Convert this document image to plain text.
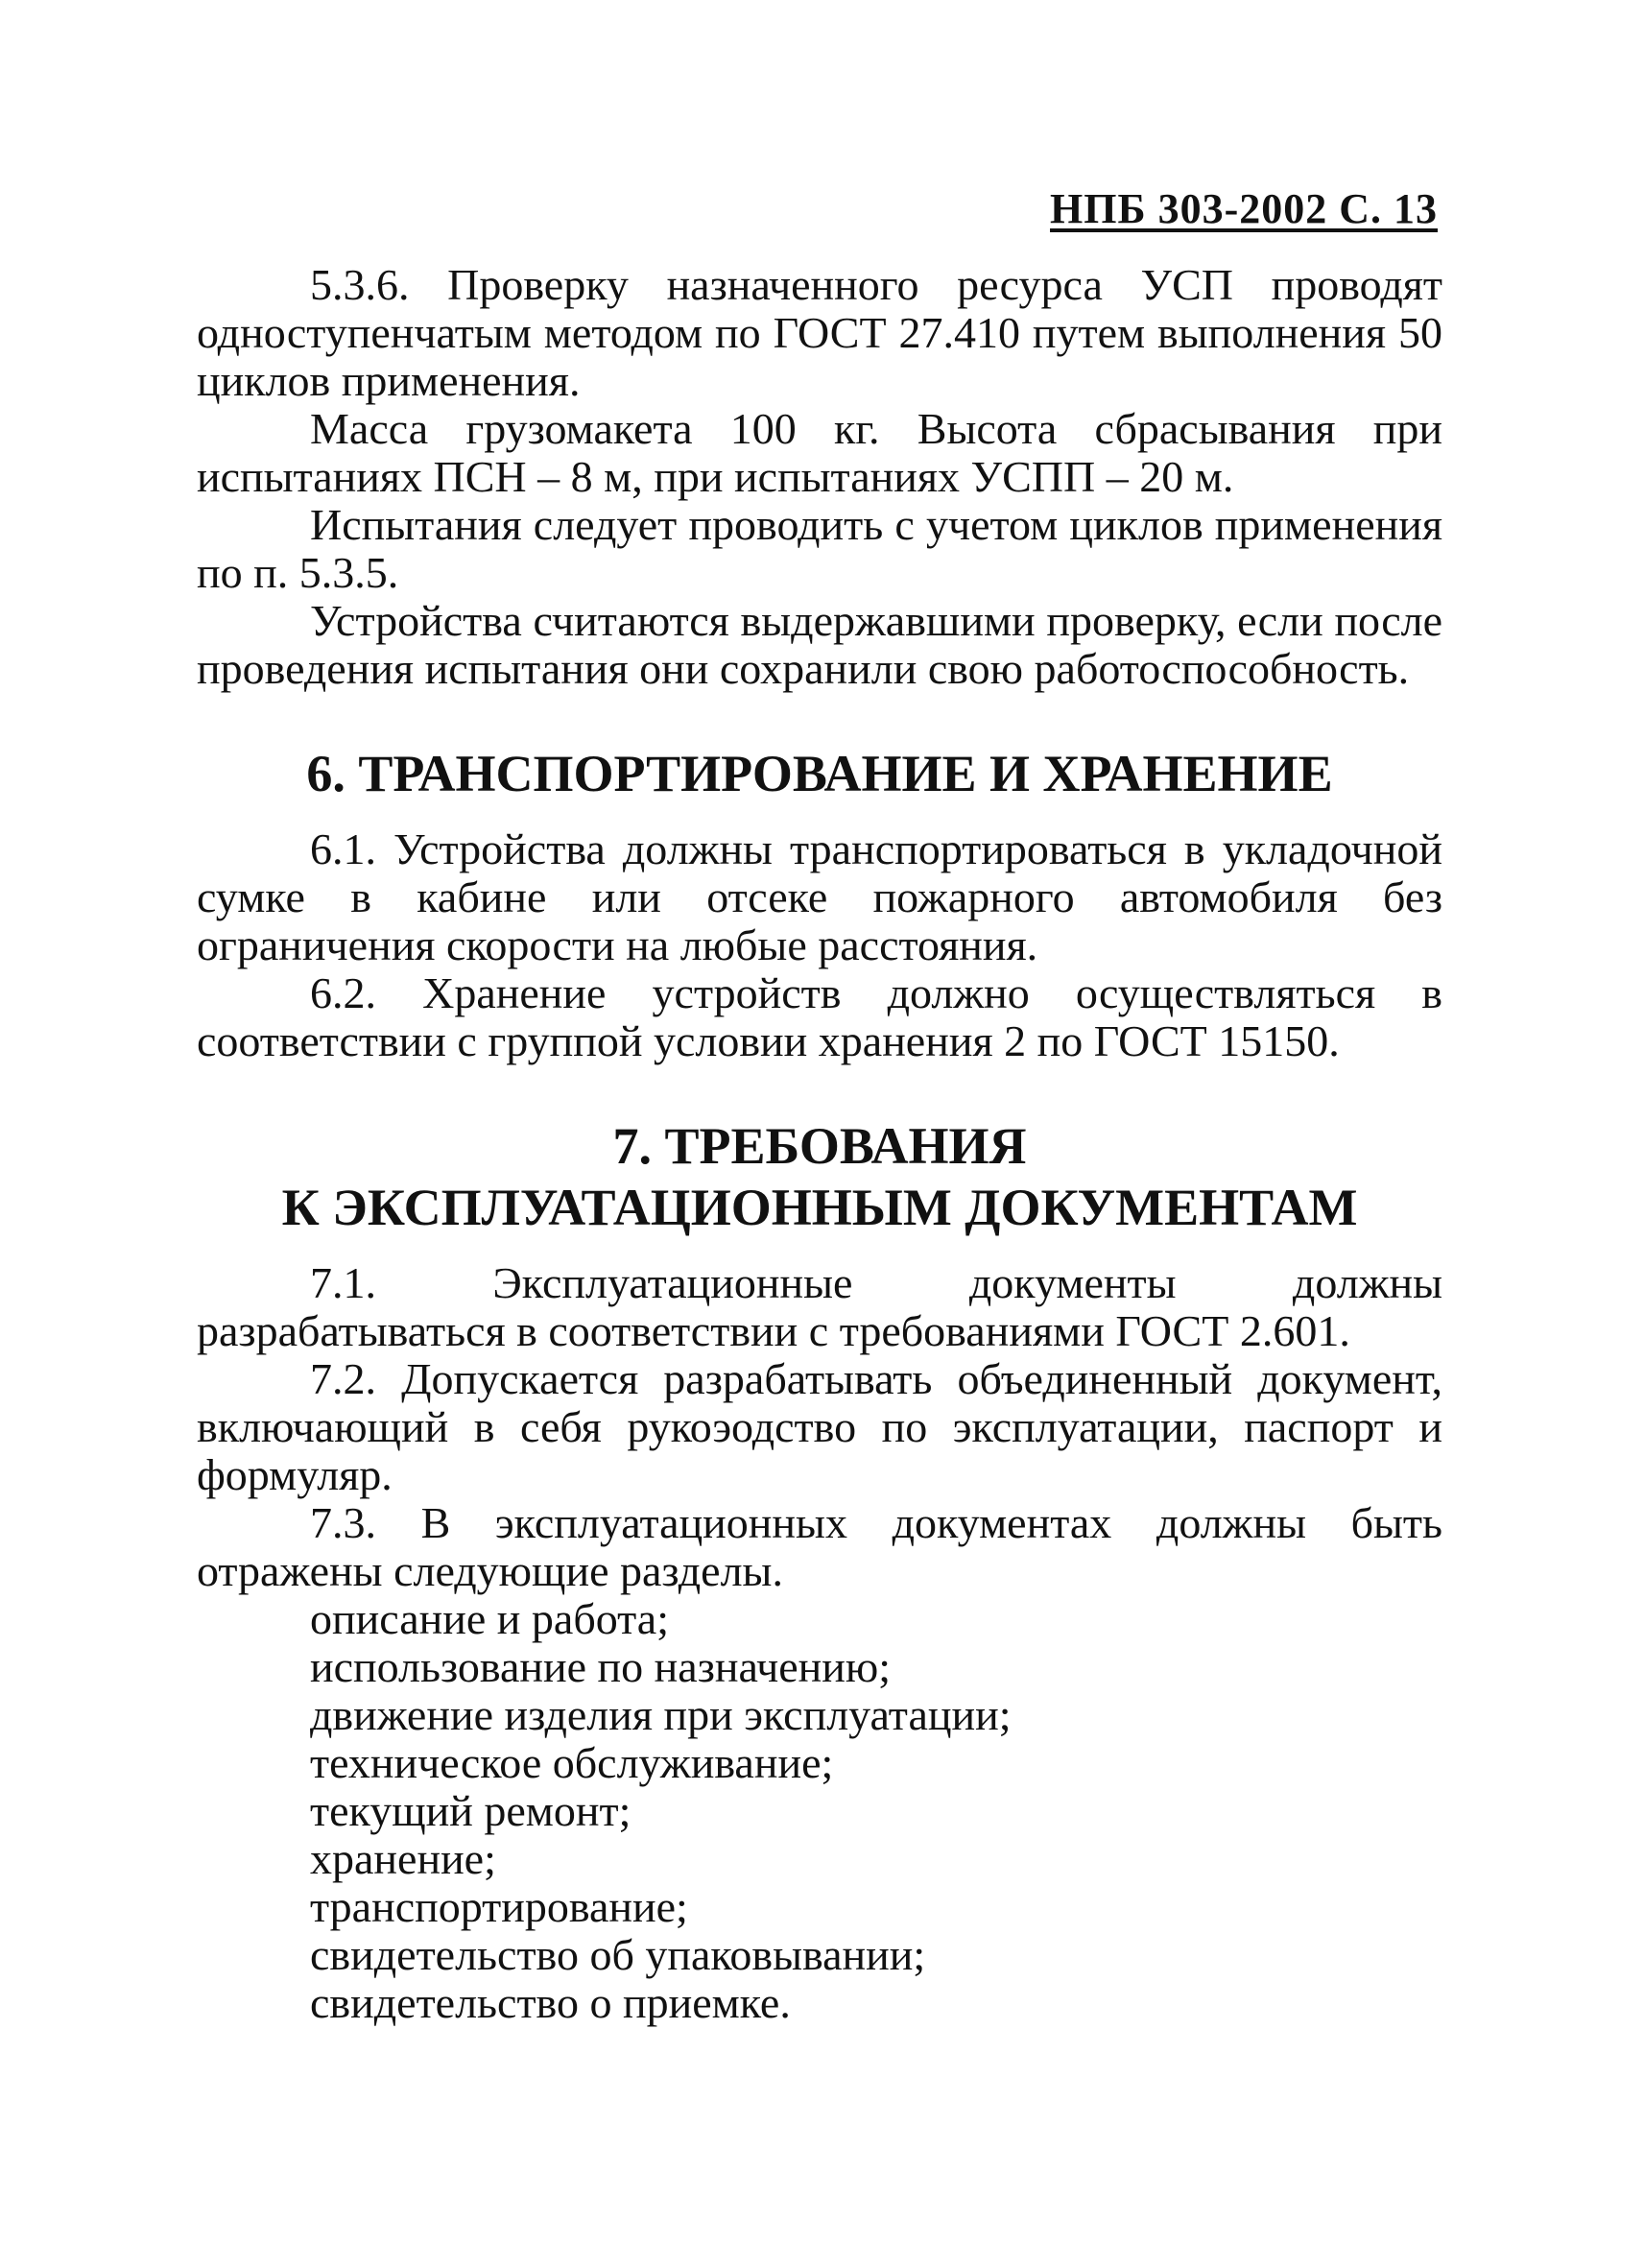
НПБ 303-2002 С. 13

5.3.6. Проверку назначенного ресурса УСП проводят одноступенчатым методом по ГОСТ 27.410 путем выполнения 50 циклов применения.

Масса грузомакета 100 кг. Высота сбрасывания при испытаниях ПСН – 8 м, при испытаниях УСПП – 20 м.

Испытания следует проводить с учетом циклов применения по п. 5.3.5.

Устройства считаются выдержавшими проверку, если после проведения испытания они сохранили свою работоспособность.

6. ТРАНСПОРТИРОВАНИЕ И ХРАНЕНИЕ

6.1. Устройства должны транспортироваться в укладочной сумке в кабине или отсеке пожарного автомобиля без ограничения скорости на любые расстояния.

6.2. Хранение устройств должно осуществляться в соответствии с группой условии хранения 2 по ГОСТ 15150.

7. ТРЕБОВАНИЯ
К ЭКСПЛУАТАЦИОННЫМ ДОКУМЕНТАМ

7.1. Эксплуатационные документы должны разрабатываться в соответствии с требованиями ГОСТ 2.601.

7.2. Допускается разрабатывать объединенный документ, включающий в себя рукоэодство по эксплуатации, паспорт и формуляр.

7.3. В эксплуатационных документах должны быть отражены следующие разделы.

описание и работа;
использование по назначению;
движение изделия при эксплуатации;
техническое обслуживание;
текущий ремонт;
хранение;
транспортирование;
свидетельство об упаковывании;
свидетельство о приемке.
